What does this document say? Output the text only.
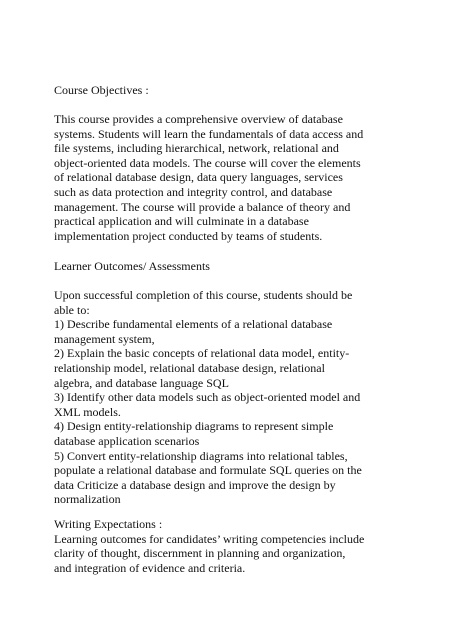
Course Objectives :

This course provides a comprehensive overview of database
systems. Students will learn the fundamentals of data access and
file systems, including hierarchical, network, relational and
object-oriented data models. The course will cover the elements
of relational database design, data query languages, services
such as data protection and integrity control, and database
management. The course will provide a balance of theory and
practical application and will culminate in a database
implementation project conducted by teams of students.

Learner Outcomes/ Assessments

Upon successful completion of this course, students should be
able to:
1) Describe fundamental elements of a relational database
management system,
2) Explain the basic concepts of relational data model, entity-
relationship model, relational database design, relational
algebra, and database language SQL
3) Identify other data models such as object-oriented model and
XML models.
4) Design entity-relationship diagrams to represent simple
database application scenarios
5) Convert entity-relationship diagrams into relational tables,
populate a relational database and formulate SQL queries on the
data Criticize a database design and improve the design by
normalization

Writing Expectations :
Learning outcomes for candidates’ writing competencies include
clarity of thought, discernment in planning and organization,
and integration of evidence and criteria.
